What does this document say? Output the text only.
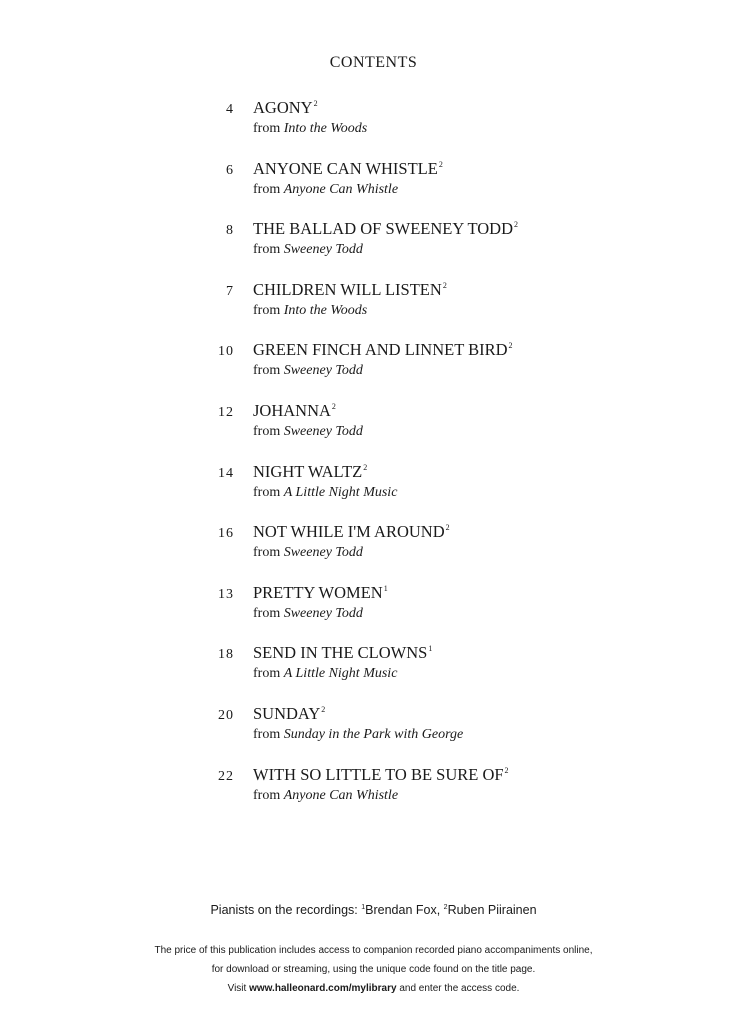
CONTENTS
4 AGONY$^2$
from Into the Woods
6 ANYONE CAN WHISTLE$^2$
from Anyone Can Whistle
8 THE BALLAD OF SWEENEY TODD$^2$
from Sweeney Todd
7 CHILDREN WILL LISTEN$^2$
from Into the Woods
10 GREEN FINCH AND LINNET BIRD$^2$
from Sweeney Todd
12 JOHANNA$^2$
from Sweeney Todd
14 NIGHT WALTZ$^2$
from A Little Night Music
16 NOT WHILE I'M AROUND$^2$
from Sweeney Todd
13 PRETTY WOMEN$^1$
from Sweeney Todd
18 SEND IN THE CLOWNS$^1$
from A Little Night Music
20 SUNDAY$^2$
from Sunday in the Park with George
22 WITH SO LITTLE TO BE SURE $OF^2$
from Anyone Can Whistle
Pianists on the recordings: $^1$Brendan Fox, $^2$Ruben Piirainen
The price of this publication includes access to companion recorded piano accompaniments online,
for download or streaming, using the unique code found on the title page.
Visit www.halleonard.com/mylibrary and enter the access code.
